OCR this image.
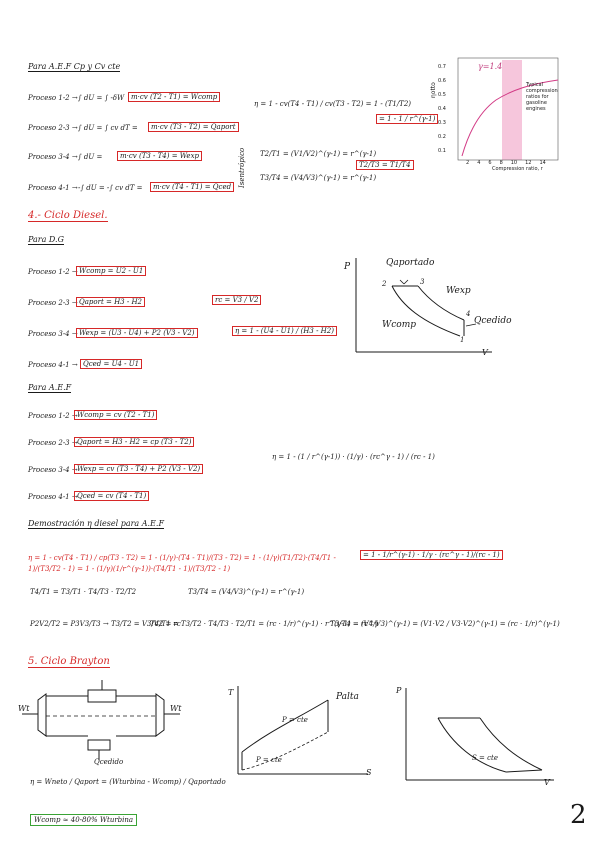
Para A.E.F Cp y Cv cte
Proceso 1-2 → ∫ dU = ∫ -δW m·cv (T2 - T1) = Wcomp
Proceso 2-3 → ∫ dU = ∫ cv dT =	m·cv (T3 - T2) = Qaport
Proceso 3-4 → ∫ dU =	m·cv (T3 - T4) = Wexp
Proceso 4-1 → -∫ dU = -∫ cv dT =	m·cv (T4 - T1) = Qced
η = 1 - cv(T4 - T1) / cv(T3 - T2) = 1 - (T1/T2)
= 1 - 1 / r^(γ-1)
Isentrópico T2/T1 = (V1/V2)^(γ-1) = r^(γ-1)
T3/T4 = (V4/V3)^(γ-1) = r^(γ-1)
T2/T3 = T1/T4
γ=1.4
ηotto
Compression ratio, r
0.7
0.6
0.5
0.4
0.3
0.2
0.1
2 4 6 8 10 12 14
Typical
compression
ratios for
gasoline
engines
4.- Ciclo Diesel.
Para D.G
Proceso 1-2 → Wcomp = U2 - U1
Proceso 2-3 → Qaport = H3 - H2
Proceso 3-4 → Wexp = (U3 - U4) + P2 (V3 - V2)
Proceso 4-1 → Qced = U4 - U1
rc = V3 / V2
η = 1 - (U4 - U1) / (H3 - H2)
P
V
Qaportado
Wexp
Wcomp	Qcedido
2	3
4
1
Para A.E.F
Proceso 1-2 → Wcomp = cv (T2 - T1)
Proceso 2-3 → Qaport = H3 - H2 = cp (T3 - T2)
Proceso 3-4 → Wexp = cv (T3 - T4) + P2 (V3 - V2)
Proceso 4-1 → Qced = cv (T4 - T1)
η = 1 - (1 / r^(γ-1)) · (1/γ) · (rc^γ - 1) / (rc - 1)
Demostración η diesel para A.E.F
η = 1 - cv(T4 - T1) / cp(T3 - T2) = 1 - (1/γ)·(T4 - T1)/(T3 - T2) = 1 - (1/γ)(T1/T2)·(T4/T1 - 1)/(T3/T2 - 1) = 1 - (1/γ)(1/r^(γ-1))·(T4/T1 - 1)/(T3/T2 - 1)
= 1 - 1/r^(γ-1) · 1/γ · (rc^γ - 1)/(rc - 1)
T4/T1 = T3/T1 · T4/T3 · T2/T2
P2V2/T2 = P3V3/T3 → T3/T2 = V3/V2 = rc
T3/T4 = (V4/V3)^(γ-1) = r^(γ-1)
T4/T1 = T3/T2 · T4/T3 · T2/T1 = (rc · 1/r)^(γ-1) · r^(γ-1) = rc^γ
T3/T4 = (V4/V3)^(γ-1) = (V1·V2 / V3·V2)^(γ-1) = (rc · 1/r)^(γ-1)
5. Ciclo Brayton
Wt	Wt
Qcedido
T
S
Palta
P = cte
P = cte
P
V
S = cte
η = Wneto / Qaport = (Wturbina - Wcomp) / Qaportado
Wcomp ≈ 40-80% Wturbina	2
